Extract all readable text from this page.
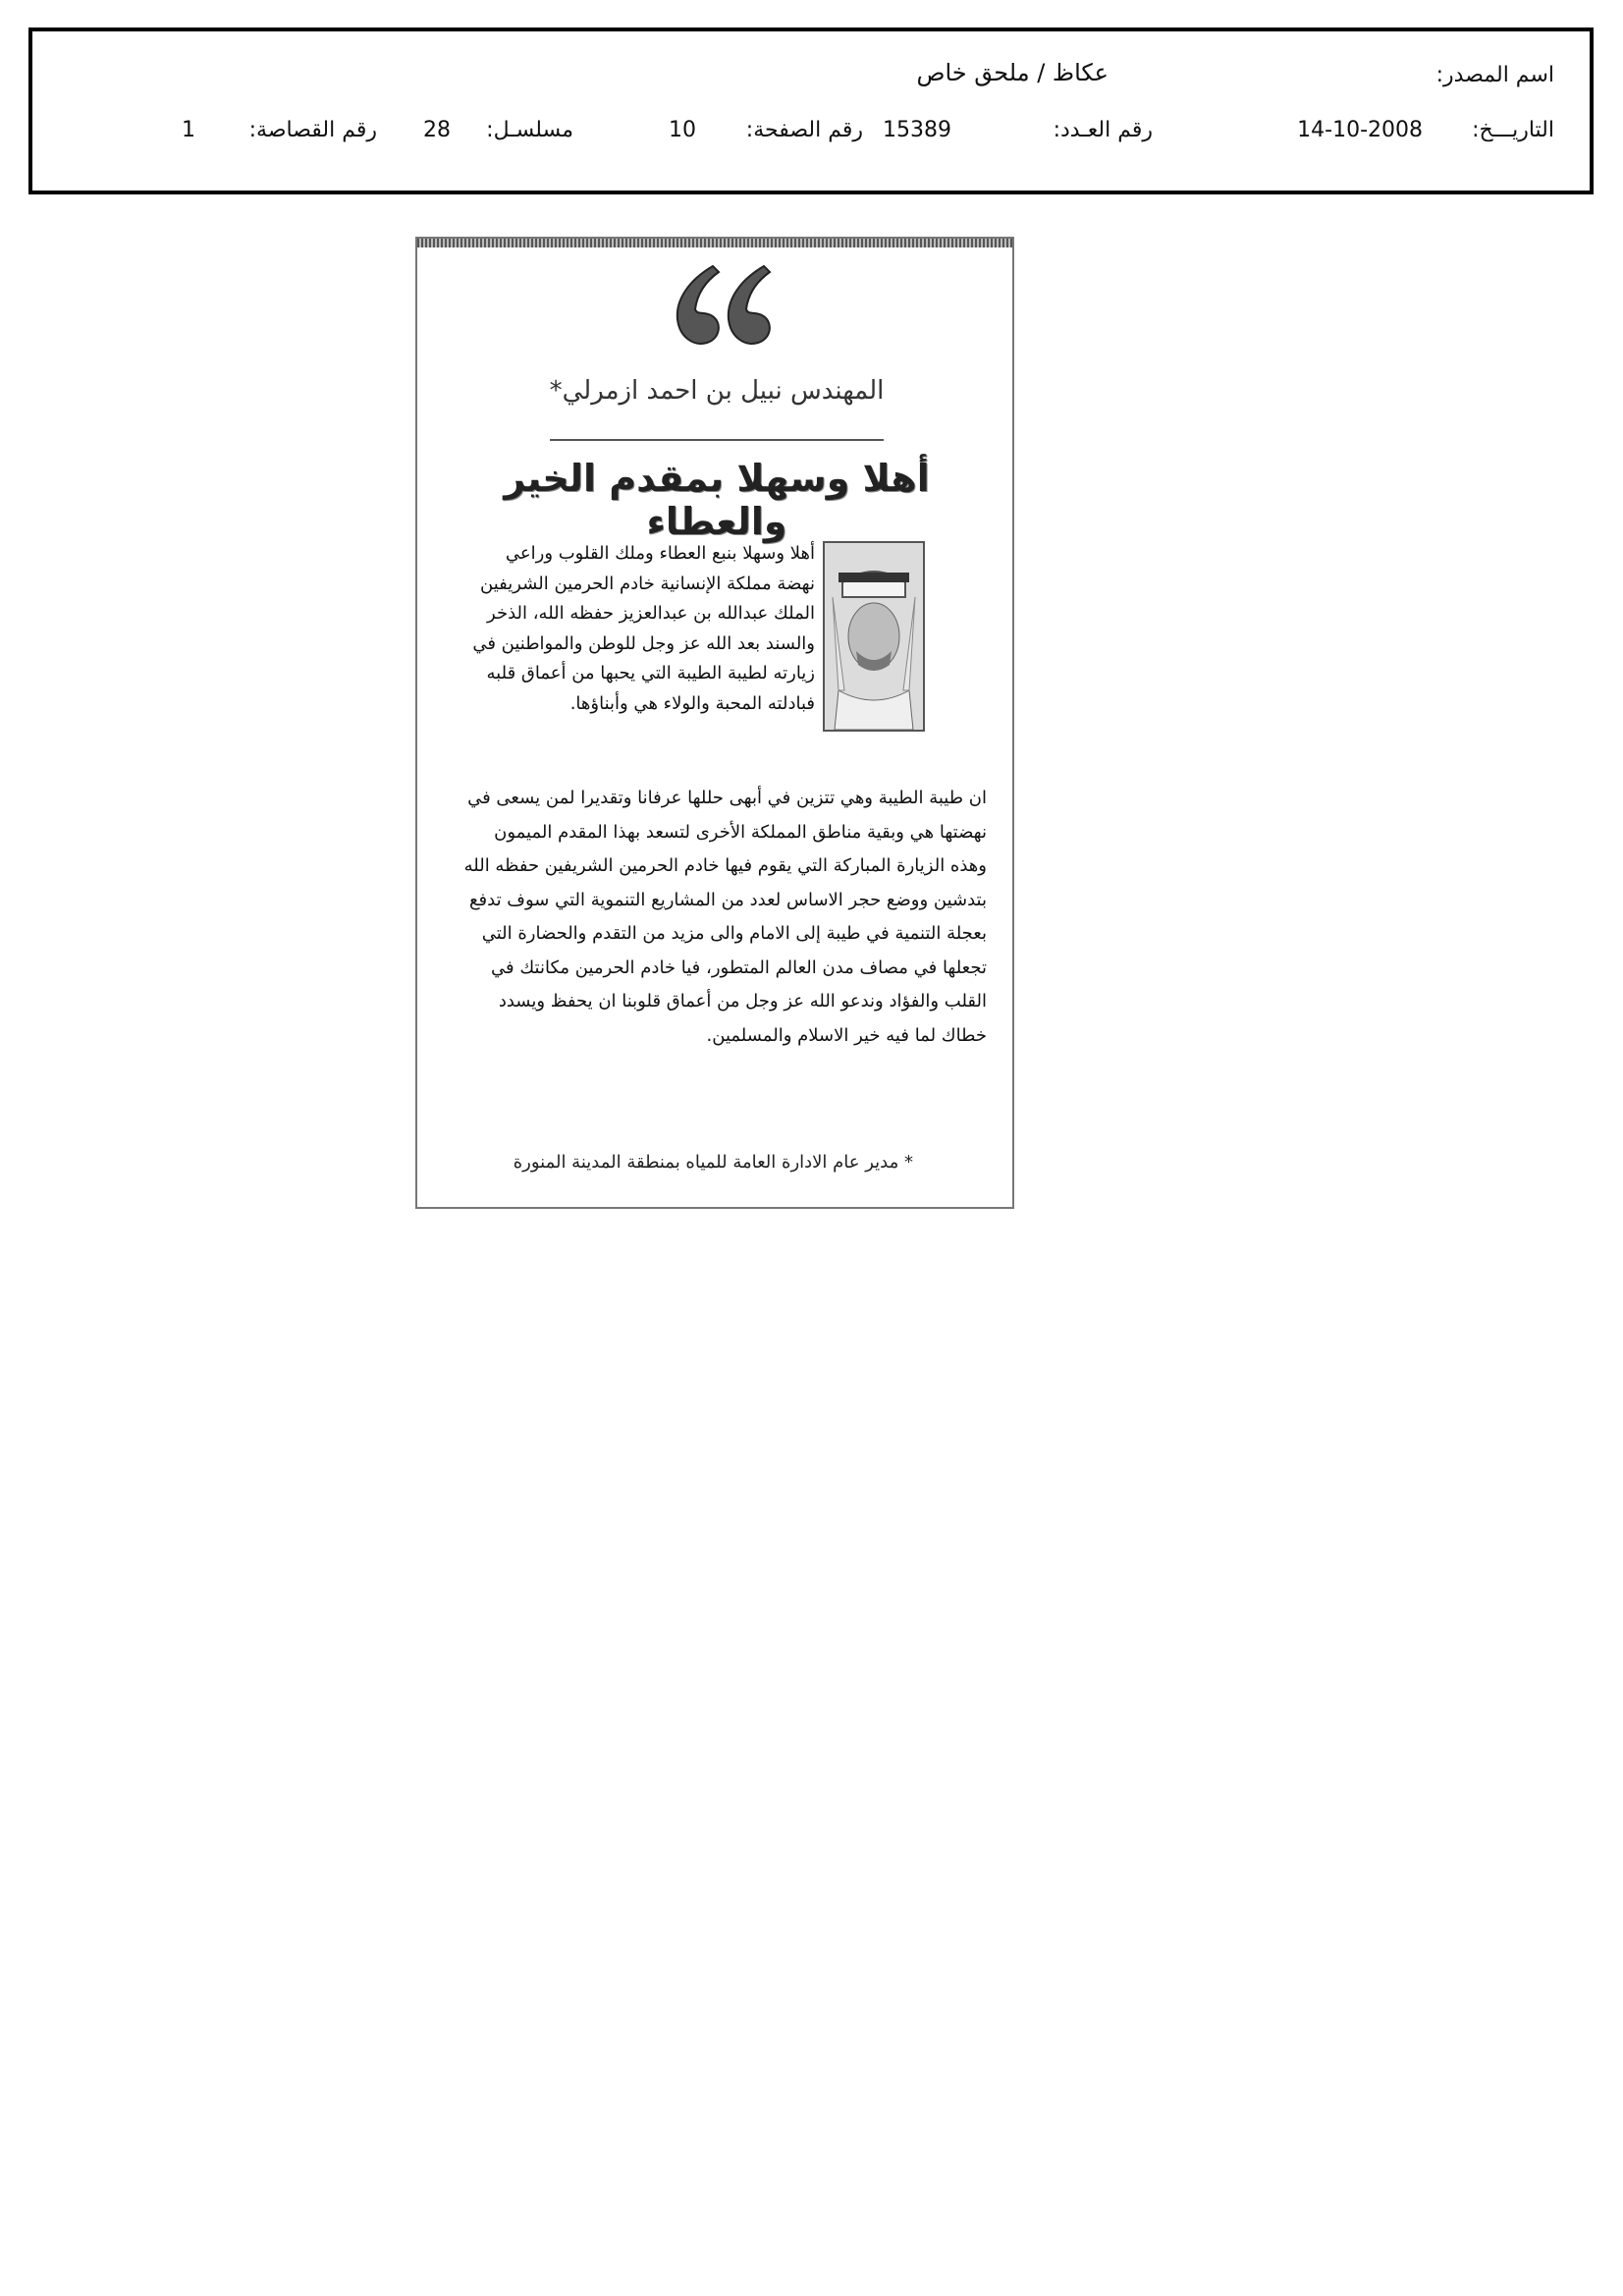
اسم المصدر:
عكاظ / ملحق خاص
التاريـــخ:
14-10-2008
رقم العـدد:
15389
رقم الصفحة:
10
مسلسـل:
28
رقم القصاصة:
1
المهندس نبيل بن احمد ازمرلي*
أهلا وسهلا بمقدم الخير والعطاء

أهلا وسهلا بنبع العطاء وملك القلوب وراعي نهضة مملكة الإنسانية خادم الحرمين الشريفين الملك عبدالله بن عبدالعزيز حفظه الله، الذخر والسند بعد الله عز وجل للوطن والمواطنين في زيارته لطيبة الطيبة التي يحبها من أعماق قلبه فبادلته المحبة والولاء هي وأبناؤها.

ان طيبة الطيبة وهي تتزين في أبهى حللها عرفانا وتقديرا لمن يسعى في نهضتها هي وبقية مناطق المملكة الأخرى لتسعد بهذا المقدم الميمون وهذه الزيارة المباركة التي يقوم فيها خادم الحرمين الشريفين حفظه الله بتدشين ووضع حجر الاساس لعدد من المشاريع التنموية التي سوف تدفع بعجلة التنمية في طيبة إلى الامام والى مزيد من التقدم والحضارة التي تجعلها في مصاف مدن العالم المتطور، فيا خادم الحرمين مكانتك في القلب والفؤاد وندعو الله عز وجل من أعماق قلوبنا ان يحفظ ويسدد خطاك لما فيه خير الاسلام والمسلمين.

* مدير عام الادارة العامة للمياه بمنطقة المدينة المنورة
